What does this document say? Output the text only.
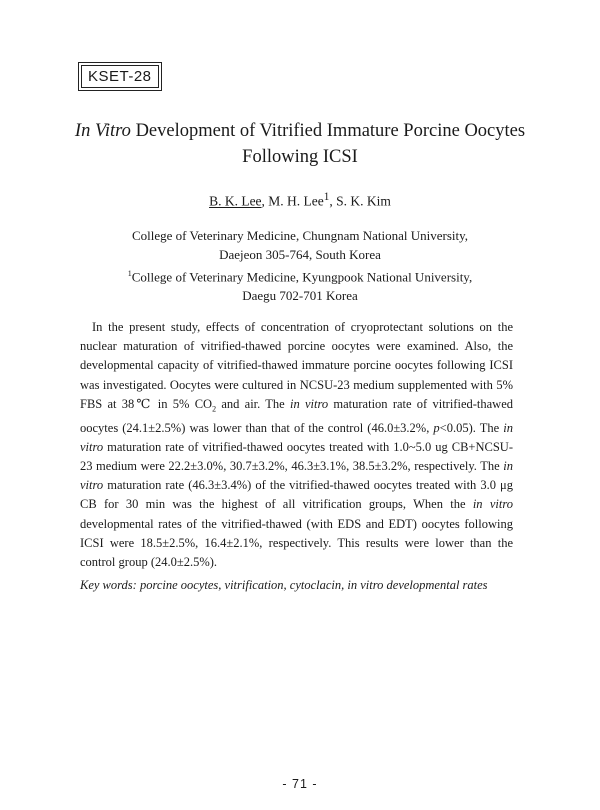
KSET-28
In Vitro Development of Vitrified Immature Porcine Oocytes
Following ICSI
B. K. Lee, M. H. Lee$^1$, S. K. Kim
College of Veterinary Medicine, Chungnam National University,
Daejeon 305-764, South Korea
$^1$College of Veterinary Medicine, Kyungpook National University,
Daegu 702-701 Korea

In the present study, effects of concentration of cryoprotectant solutions on the nuclear maturation of vitrified-thawed porcine oocytes were examined. Also, the developmental capacity of vitrified-thawed immature porcine oocytes following ICSI was investigated. Oocytes were cultured in NCSU-23 medium supplemented with 5% FBS at 38℃ in 5% $CO_2$ and air. The in vitro maturation rate of vitrified-thawed oocytes (24.1±2.5%) was lower than that of the control (46.0±3.2%, p<0.05). The in vitro maturation rate of vitrified-thawed oocytes treated with 1.0~5.0 ug CB+NCSU- 23 medium were 22.2±3.0%, 30.7±3.2%, 46.3±3.1%, 38.5±3.2%, respectively. The in vitro maturation rate (46.3±3.4%) of the vitrified-thawed oocytes treated with 3.0 μg CB for 30 min was the highest of all vitrification groups, When the in vitro developmental rates of the vitrified-thawed (with EDS and EDT) oocytes following ICSI were 18.5±2.5%, 16.4±2.1%, respectively. This results were lower than the control group (24.0±2.5%).

Key words: porcine oocytes, vitrification, cytoclacin, in vitro developmental rates
- 71 -
